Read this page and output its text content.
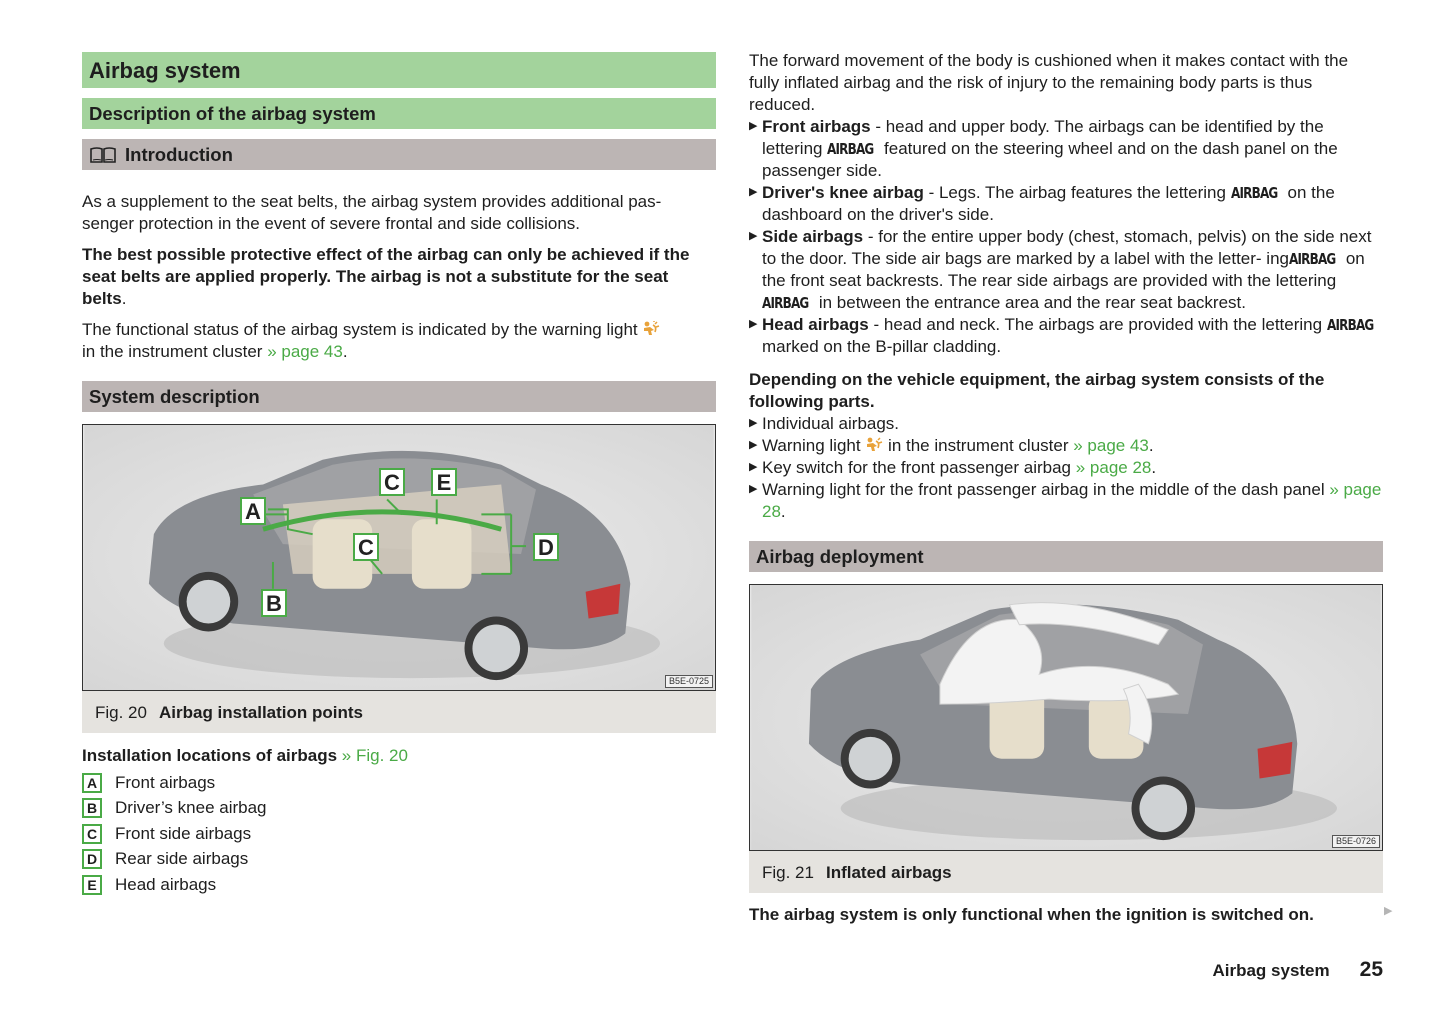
Airbag system
Description of the airbag system
Introduction

As a supplement to the seat belts, the airbag system provides additional pas- senger protection in the event of severe frontal and side collisions.

The best possible protective effect of the airbag can only be achieved if the seat belts are applied properly. The airbag is not a substitute for the seat belts.

The functional status of the airbag system is indicated by the warning light
in the instrument cluster » page 43.

System description
A
B
C
C E
D
B5E-0725
Fig. 20 Airbag installation points
Installation locations of airbags » Fig. 20
A Front airbags
B Driver’s knee airbag
C Front side airbags
D Rear side airbags
E	Head airbags

The forward movement of the body is cushioned when it makes contact with the fully inflated airbag and the risk of injury to the remaining body parts is thus reduced.

▶ Front airbags - head and upper body. The airbags can be identified by the lettering AIRBAG featured on the steering wheel and on the dash panel on the passenger side.
▶ Driver's knee airbag - Legs. The airbag features the lettering AIRBAG on the dashboard on the driver's side.
▶ Side airbags - for the entire upper body (chest, stomach, pelvis) on the side next to the door. The side air bags are marked by a label with the letter- ingAIRBAG on the front seat backrests. The rear side airbags are provided with the lettering AIRBAG in between the entrance area and the rear seat backrest.
▶ Head airbags - head and neck. The airbags are provided with the lettering AIRBAG marked on the B-pillar cladding.

Depending on the vehicle equipment, the airbag system consists of the following parts.

▶ Individual airbags.
▶ Warning light  in the instrument cluster » page 43.
▶ Key switch for the front passenger airbag » page 28.
▶ Warning light for the front passenger airbag in the middle of the dash panel » page 28.
Airbag deployment
B5E-0726
Fig. 21 Inflated airbags

The airbag system is only functional when the ignition is switched on.	▶
Airbag system 25
